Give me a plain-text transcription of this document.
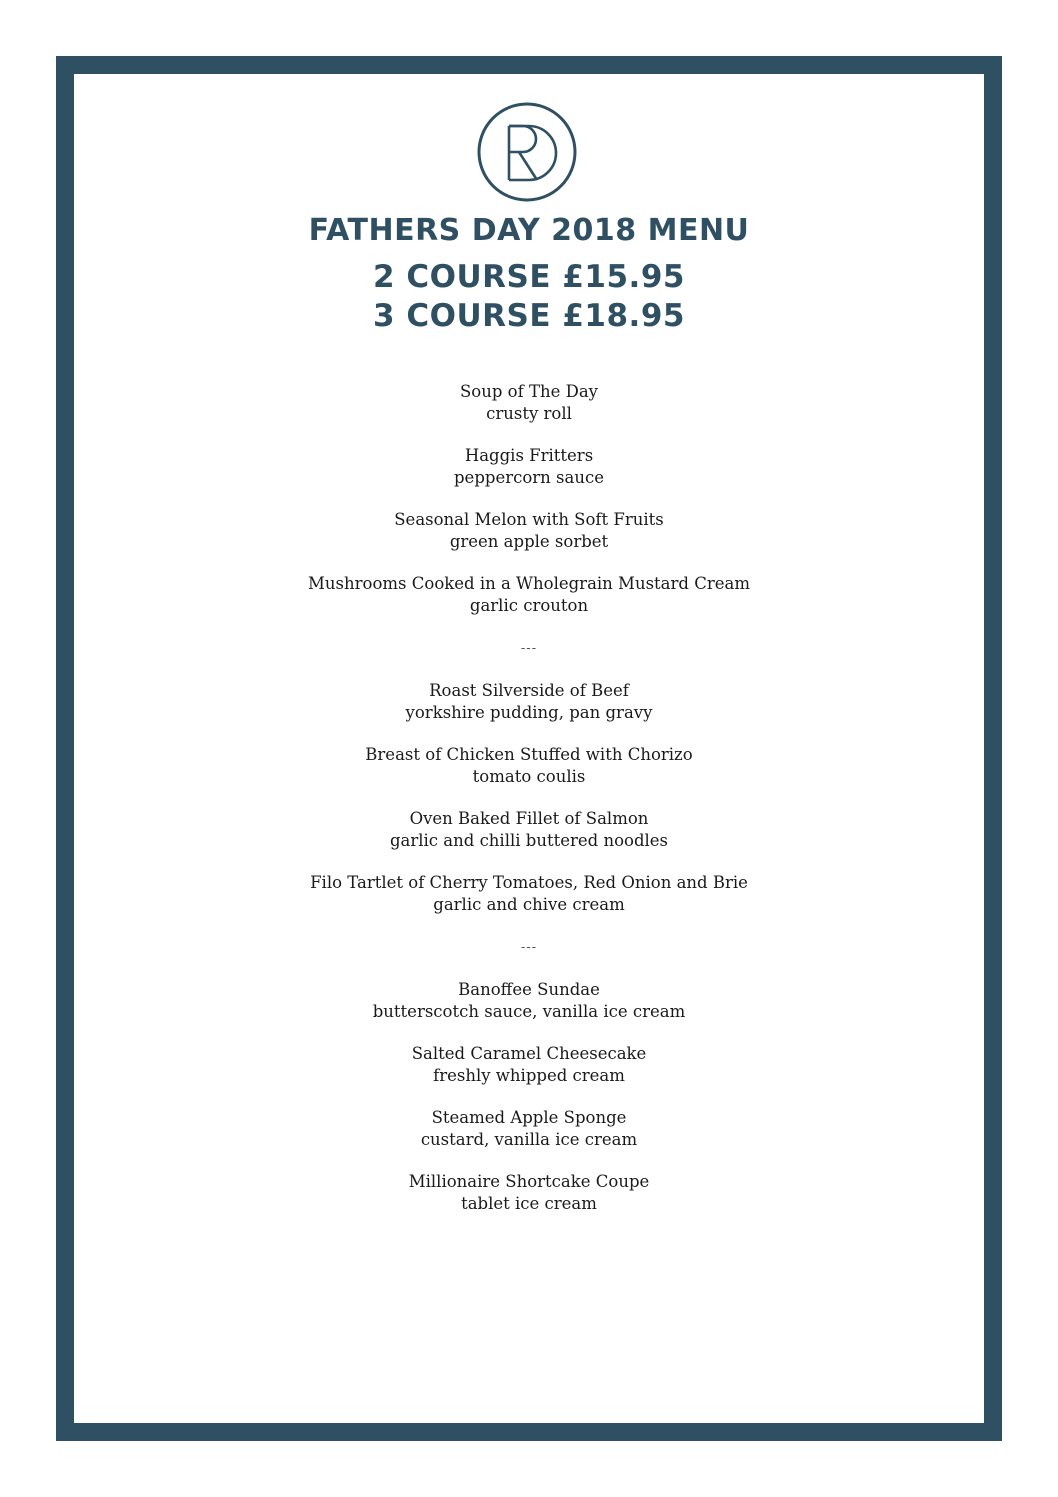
FATHERS DAY 2018 MENU
2 COURSE £15.95
3 COURSE £18.95
Soup of The Day
crusty roll
Haggis Fritters
peppercorn sauce
Seasonal Melon with Soft Fruits
green apple sorbet
Mushrooms Cooked in a Wholegrain Mustard Cream
garlic crouton
---
Roast Silverside of Beef
yorkshire pudding, pan gravy
Breast of Chicken Stuffed with Chorizo
tomato coulis
Oven Baked Fillet of Salmon
garlic and chilli buttered noodles
Filo Tartlet of Cherry Tomatoes, Red Onion and Brie
garlic and chive cream
---
Banoffee Sundae
butterscotch sauce, vanilla ice cream
Salted Caramel Cheesecake
freshly whipped cream
Steamed Apple Sponge
custard, vanilla ice cream
Millionaire Shortcake Coupe
tablet ice cream
